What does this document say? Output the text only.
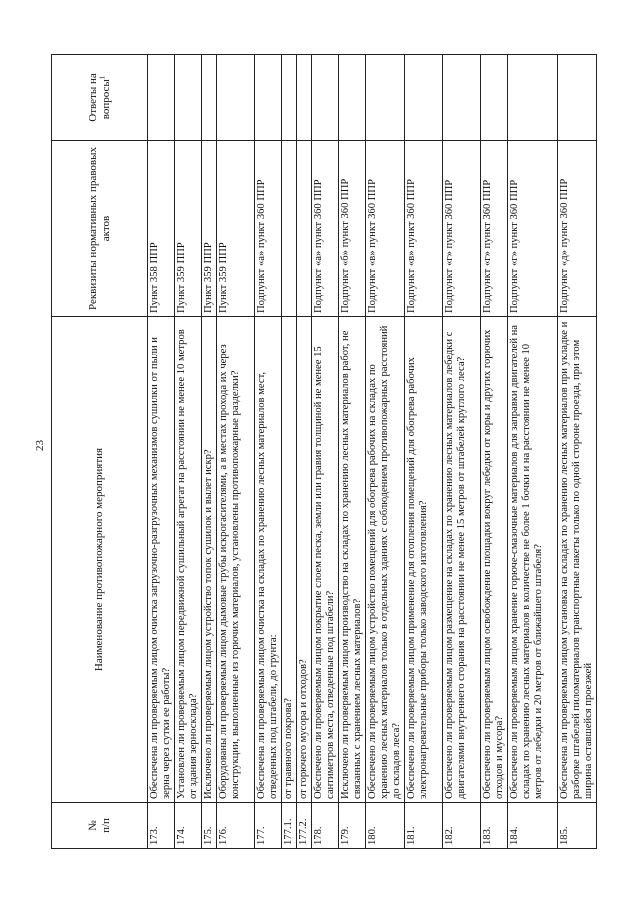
23
№
п/п	Наименование противопожарного мероприятия	Реквизиты нормативных правовых актов	Ответы на вопросы$^1$
173.	Обеспечена ли проверяемым лицом очистка загрузочно-разгрузочных механизмов сушилки от пыли и зерна через сутки ее работы?	Пункт 358 ППР	
174.	Установлен ли проверяемым лицом передвижной сушильный агрегат на расстоянии не менее 10 метров от здания зерносклада?	Пункт 359 ППР	
175.	Исключено ли проверяемым лицом устройство топок сушилок и вылет искр?	Пункт 359 ППР	
176.	Оборудованы ли проверяемым лицом дымовые трубы искрогасителями, а в местах прохода их через конструкции, выполненные из горючих материалов, установлены противопожарные разделки?	Пункт 359 ППР	
177.	Обеспечена ли проверяемым лицом очистка на складах по хранению лесных материалов мест, отведенных под штабели, до грунта:	Подпункт «а» пункт 360 ППР	
177.1.	от травяного покрова?		
177.2.	от горючего мусора и отходов?		
178.	Обеспечено ли проверяемым лицом покрытие слоем песка, земли или гравия толщиной не менее 15 сантиметров места, отведенные под штабели?	Подпункт «а» пункт 360 ППР	
179.	Исключено ли проверяемым лицом производство на складах по хранению лесных материалов работ, не связанных с хранением лесных материалов?	Подпункт «б» пункт 360 ППР	
180.	Обеспечено ли проверяемым лицом устройство помещений для обогрева рабочих на складах по хранению лесных материалов только в отдельных зданиях с соблюдением противопожарных расстояний до складов леса?	Подпункт «в» пункт 360 ППР	
181.	Обеспечено ли проверяемым лицом применение для отопления помещений для обогрева рабочих электронагревательные приборы только заводского изготовления?	Подпункт «в» пункт 360 ППР	
182.	Обеспечено ли проверяемым лицом размещение на складах по хранению лесных материалов лебедки с двигателями внутреннего сгорания на расстоянии не менее 15 метров от штабелей круглого леса?	Подпункт «г» пункт 360 ППР	
183.	Обеспечено ли проверяемым лицом освобождение площадки вокруг лебедки от коры и других горючих отходов и мусора?	Подпункт «г» пункт 360 ППР	
184.	Обеспечено ли проверяемым лицом хранение горюче-смазочные материалов для заправки двигателей на складах по хранению лесных материалов в количестве не более 1 бочки и на расстоянии не менее 10 метров от лебедки и 20 метров от ближайшего штабеля?	Подпункт «г» пункт 360 ППР	
185.	Обеспечена ли проверяемым лицом установка на складах по хранению лесных материалов при укладке и разборке штабелей пиломатериалов транспортные пакеты только по одной стороне проезда, при этом ширина оставшейся проезжей	Подпункт «д» пункт 360 ППР	
